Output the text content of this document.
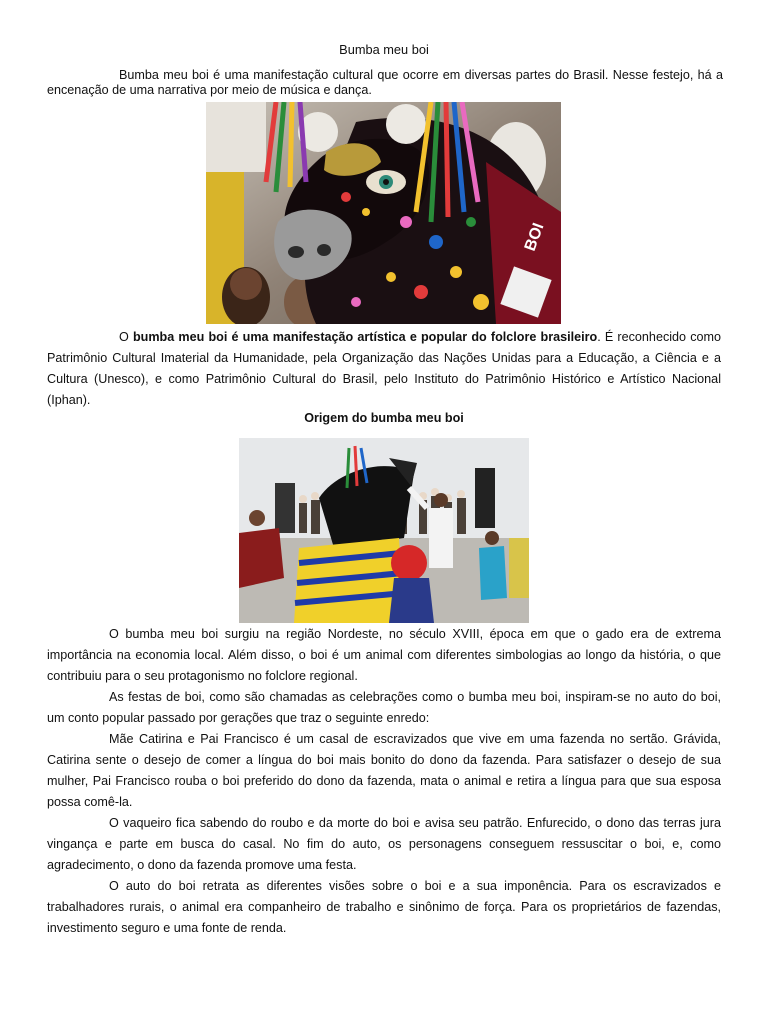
Bumba meu boi
Bumba meu boi é uma manifestação cultural que ocorre em diversas partes do Brasil. Nesse festejo, há a encenação de uma narrativa por meio de música e dança.
BOI
O bumba meu boi é uma manifestação artística e popular do folclore brasileiro. É reconhecido como Patrimônio Cultural Imaterial da Humanidade, pela Organização das Nações Unidas para a Educação, a Ciência e a Cultura (Unesco), e como Patrimônio Cultural do Brasil, pelo Instituto do Patrimônio Histórico e Artístico Nacional (Iphan).
Origem do bumba meu boi

O bumba meu boi surgiu na região Nordeste, no século XVIII, época em que o gado era de extrema importância na economia local. Além disso, o boi é um animal com diferentes simbologias ao longo da história, o que contribuiu para o seu protagonismo no folclore regional.

As festas de boi, como são chamadas as celebrações como o bumba meu boi, inspiram-se no auto do boi, um conto popular passado por gerações que traz o seguinte enredo:

Mãe Catirina e Pai Francisco é um casal de escravizados que vive em uma fazenda no sertão. Grávida, Catirina sente o desejo de comer a língua do boi mais bonito do dono da fazenda. Para satisfazer o desejo de sua mulher, Pai Francisco rouba o boi preferido do dono da fazenda, mata o animal e retira a língua para que sua esposa possa comê-la.

O vaqueiro fica sabendo do roubo e da morte do boi e avisa seu patrão. Enfurecido, o dono das terras jura vingança e parte em busca do casal. No fim do auto, os personagens conseguem ressuscitar o boi, e, como agradecimento, o dono da fazenda promove uma festa.

O auto do boi retrata as diferentes visões sobre o boi e a sua imponência. Para os escravizados e trabalhadores rurais, o animal era companheiro de trabalho e sinônimo de força. Para os proprietários de fazendas, investimento seguro e uma fonte de renda.
